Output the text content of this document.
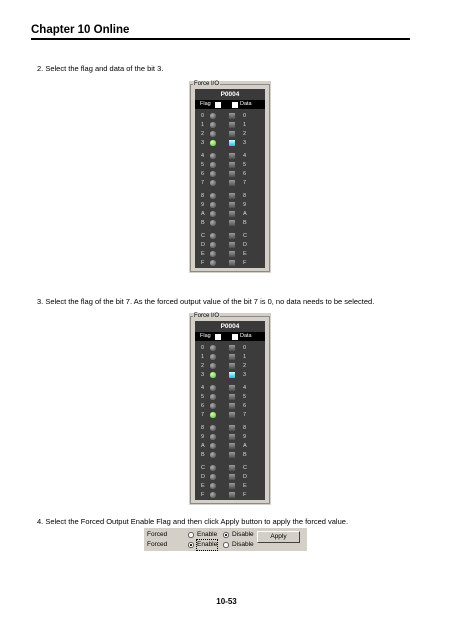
Chapter 10 Online
2. Select the flag and data of the bit 3.
Force I/O
P0004
Flag	Data
0	0
1	1
2	2
3	3
4	4
5	5
6	6
7	7
8	8
9	9
A	A
B	B
C	C
D	D
E	E
F	F
3. Select the flag of the bit 7. As the forced output value of the bit 7 is 0, no data needs to be selected.
Force I/O
P0004
Flag	Data
0	0
1	1
2	2
3	3
4	4
5	5
6	6
7	7
8	8
9	9
A	A
B	B
C	C
D	D
E	E
F	F
4. Select the Forced Output Enable Flag and then click Apply button to apply the forced value.
Forced	Enable Disable
Forced	Enable Disable
Apply
10-53
